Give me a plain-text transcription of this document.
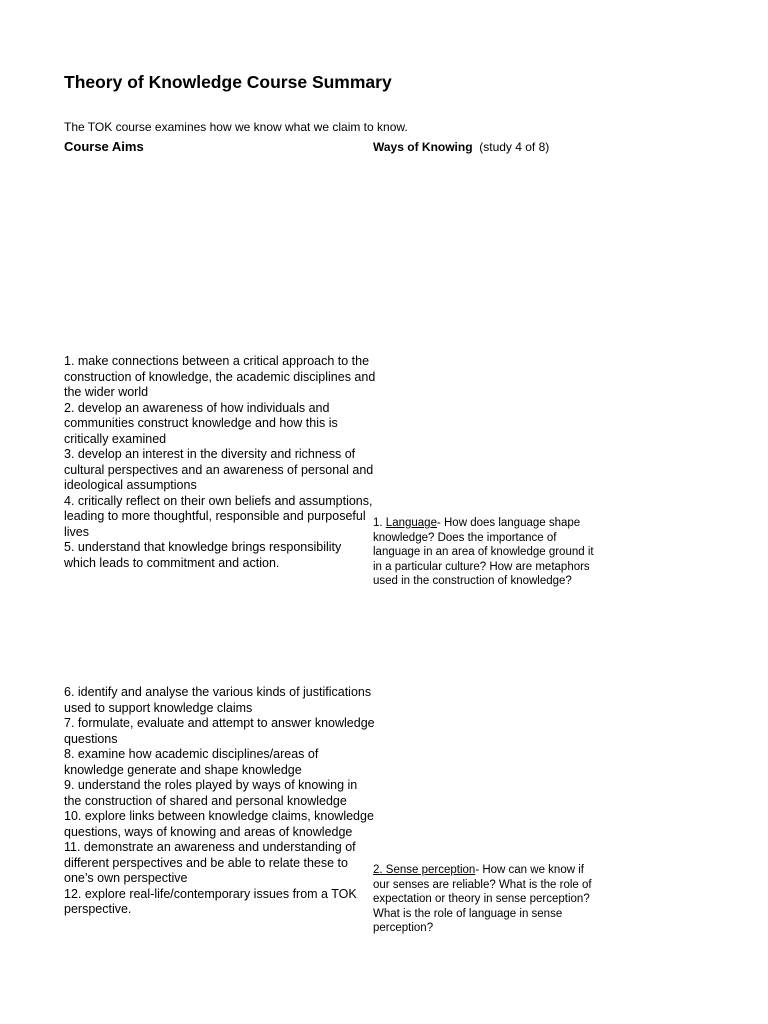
Theory of Knowledge Course Summary
The TOK course examines how we know what we claim to know.
Course Aims	Ways of Knowing (study 4 of 8)

1. make connections between a critical approach to the construction of knowledge, the academic disciplines and the wider world

2. develop an awareness of how individuals and communities construct knowledge and how this is critically examined

3. develop an interest in the diversity and richness of cultural perspectives and an awareness of personal and ideological assumptions

4. critically reflect on their own beliefs and assumptions, leading to more thoughtful, responsible and purposeful lives

5. understand that knowledge brings responsibility which leads to commitment and action.

6. identify and analyse the various kinds of justifications used to support knowledge claims

7. formulate, evaluate and attempt to answer knowledge questions

8. examine how academic disciplines/areas of knowledge generate and shape knowledge

9. understand the roles played by ways of knowing in the construction of shared and personal knowledge

10. explore links between knowledge claims, knowledge questions, ways of knowing and areas of knowledge

11. demonstrate an awareness and understanding of different perspectives and be able to relate these to one’s own perspective

12. explore real-life/contemporary issues from a TOK perspective.

1. Language- How does language shape knowledge? Does the importance of language in an area of knowledge ground it in a particular culture? How are metaphors used in the construction of knowledge?
2. Sense perception- How can we know if our senses are reliable? What is the role of expectation or theory in sense perception? What is the role of language in sense perception?
